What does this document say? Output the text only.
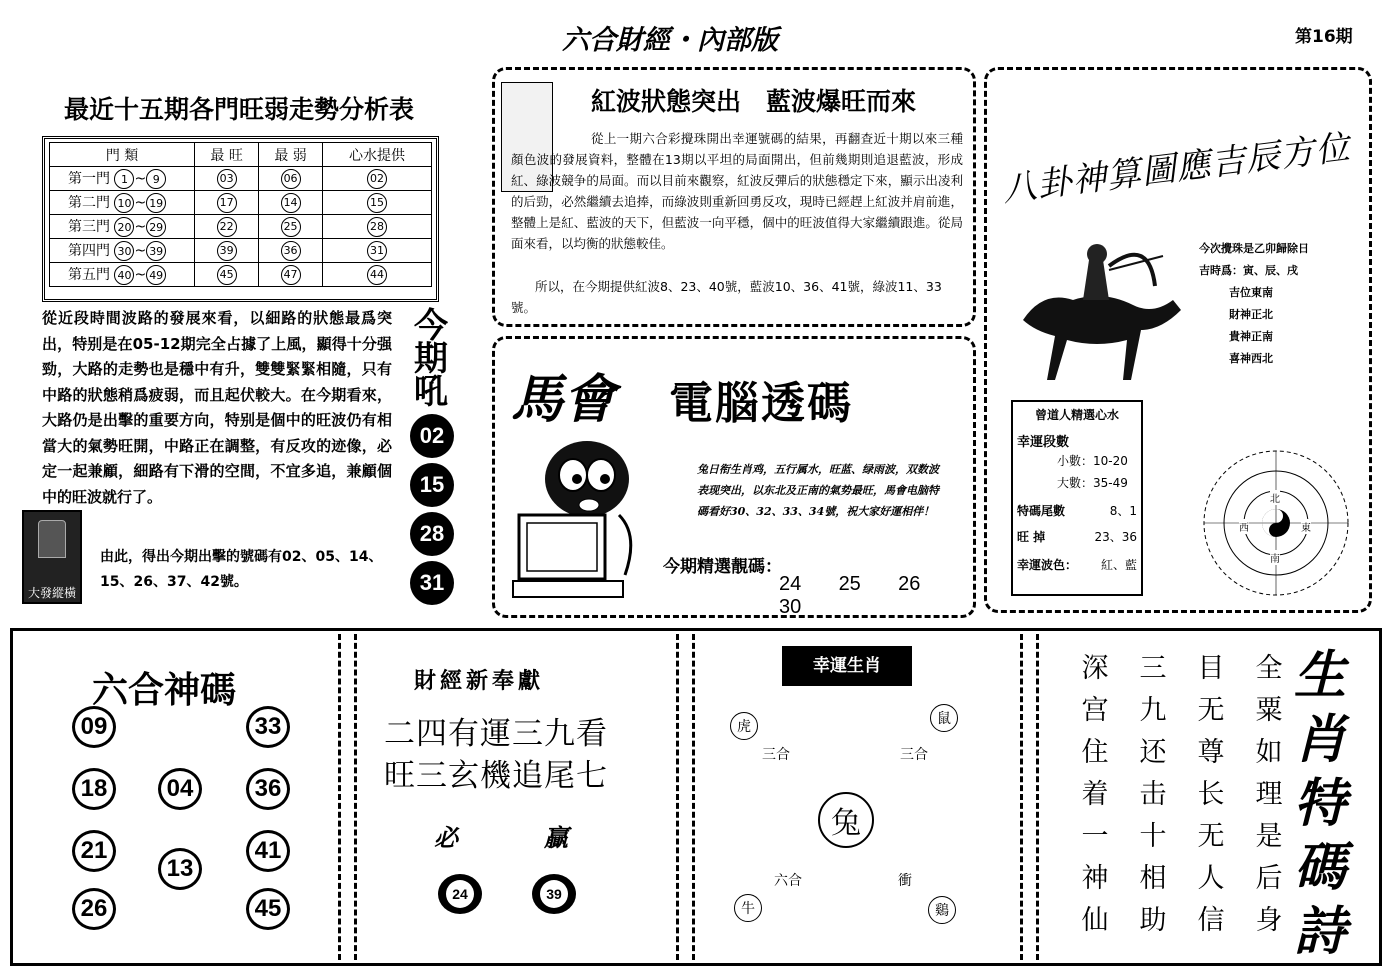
六合財經・內部版	第16期
最近十五期各門旺弱走勢分析表
門 類	最 旺	最 弱	心水提供
第一門 1 ~ 9	03	06	02
第二門 10 ~ 19	17	14	15
第三門 20 ~ 29	22	25	28
第四門 30 ~ 39	39	36	31
第五門 40 ~ 49	45	47	44
從近段時間波路的發展來看，以細路的狀態最爲突出，特别是在05-12期完全占據了上風，顯得十分强勁，大路的走勢也是穩中有升，雙雙緊緊相隨，只有中路的狀態稍爲疲弱，而且起伏較大。在今期看來，大路仍是出擊的重要方向，特别是個中的旺波仍有相當大的氣勢旺開，中路正在調整，有反攻的迹像，必定一起兼顧，細路有下滑的空間，不宜多追，兼顧個中的旺波就行了。
由此，得出今期出擊的號碼有02、05、14、15、26、37、42號。
大發縱橫
今期吼
02 15 28 31
紅波狀態突出　藍波爆旺而來
從上一期六合彩攪珠開出幸運號碼的結果，再翻查近十期以來三種顏色波的發展資料，整體在13期以平坦的局面開出，但前幾期則追退藍波，形成紅、綠波競争的局面。而以目前來觀察，紅波反彈后的狀態穩定下來，顯示出凌利的后勁，必然繼續去追捧，而綠波則重新回勇反攻，現時已經趕上紅波并肩前進，整體上是紅、藍波的天下，但藍波一向平穩，個中的旺波值得大家繼續跟進。從局面來看，以均衡的狀態較佳。
所以，在今期提供紅波8、23、40號，藍波10、36、41號，綠波11、33號。
馬會 電腦透碼
兔日衔生肖鸡，五行属水，旺蓝、绿雨波，双数波表现突出，以东北及正南的氣势最旺，馬會电脑特碼看好30、32、33、34號，祝大家好運相伴！
今期精選靚碼：
24 25 26 30
八卦神算圖應吉辰方位
今次攪珠是乙卯歸除日
吉時爲：寅、辰、戌
吉位東南
財神正北
貴神正南
喜神西北
曾道人精選心水
幸運段數
小數：10-20
大數：35-49
特碼尾數	8、1
旺 掉	23、36
幸運波色： 紅、藍
北
南
東
西
六合神碼
09	33
18	04	36
21
13
41
26	45
財經新奉獻
二四有運三九看
旺三玄機追尾七
必	贏
24	39
幸運生肖
虎	鼠
三合	三合
兔
六合	衝
牛	鷄
深宫住着一神仙
三九还击十相助
目无尊长无人信
全粟如理是后身
生肖特碼詩
